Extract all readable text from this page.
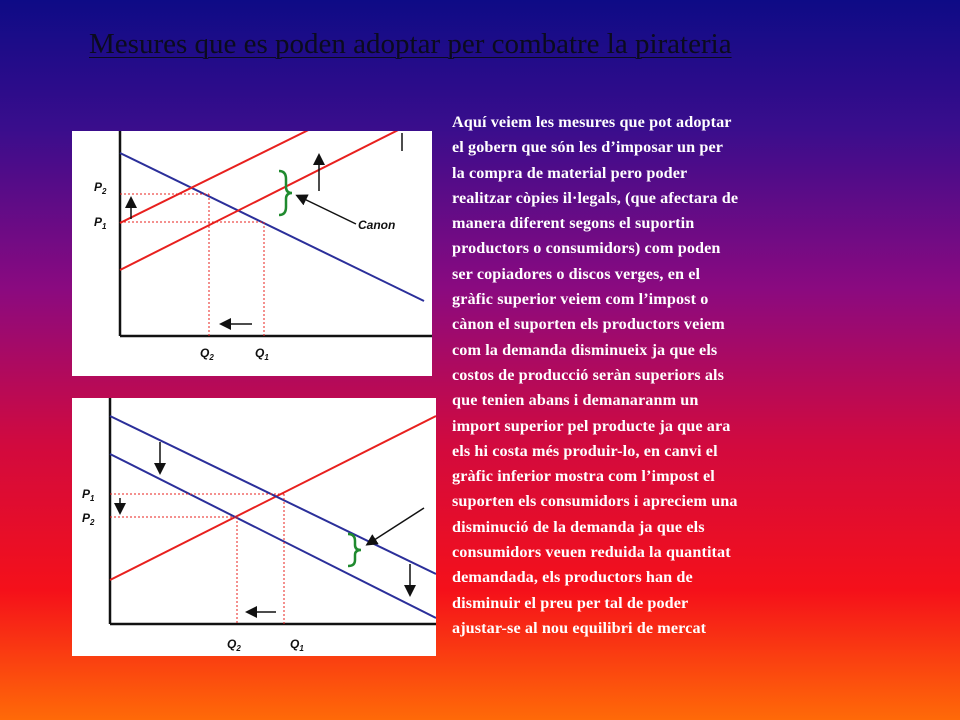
Mesures que es poden adoptar per combatre la pirateria
Canon
$P_2$
$P_1$
$Q_2$	$Q_1$
$P_1$
$P_2$
$Q_2$	$Q_1$

Aquí veiem les mesures que pot adoptar

el gobern que són les d’imposar un per

la compra de material pero poder

realitzar còpies il·legals, (que afectara de

manera diferent segons el suportin

productors o consumidors) com poden

ser copiadores o discos verges, en el

gràfic superior veiem com l’impost o

cànon el suporten els productors veiem

com la demanda disminueix ja que els

costos de producció seràn superiors als

que tenien abans i demanaranm un

import superior pel producte ja que ara

els hi costa més produir-lo, en canvi el

gràfic inferior mostra com l’impost el

suporten els consumidors i apreciem una

disminució de la demanda ja que els

consumidors veuen reduida la quantitat

demandada, els productors han de

disminuir el preu per tal de poder

ajustar-se al nou equilibri de mercat
